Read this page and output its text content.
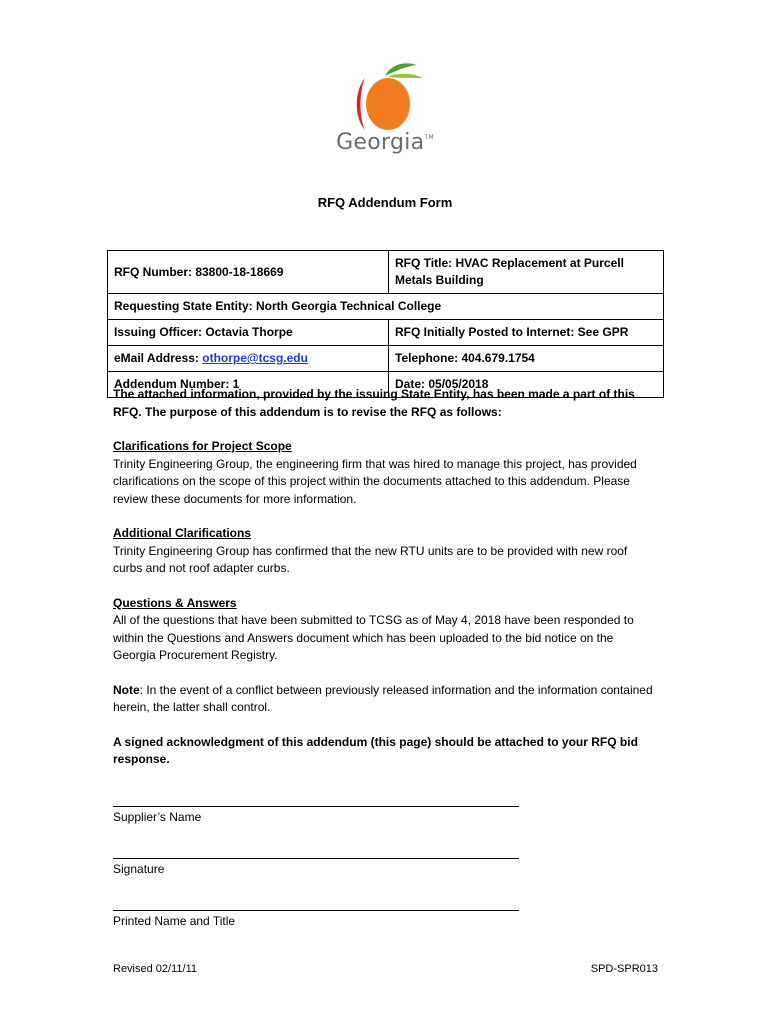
Georgia™
RFQ Addendum Form
RFQ Number: 83800-18-18669	RFQ Title: HVAC Replacement at Purcell Metals Building
Requesting State Entity: North Georgia Technical College	
Issuing Officer: Octavia Thorpe	RFQ Initially Posted to Internet: See GPR
eMail Address: othorpe@tcsg.edu	Telephone: 404.679.1754
Addendum Number: 1	Date: 05/05/2018

The attached information, provided by the issuing State Entity, has been made a part of this RFQ. The purpose of this addendum is to revise the RFQ as follows:

Clarifications for Project Scope

Trinity Engineering Group, the engineering firm that was hired to manage this project, has provided clarifications on the scope of this project within the documents attached to this addendum. Please review these documents for more information.

Additional Clarifications

Trinity Engineering Group has confirmed that the new RTU units are to be provided with new roof curbs and not roof adapter curbs.

Questions & Answers

All of the questions that have been submitted to TCSG as of May 4, 2018 have been responded to within the Questions and Answers document which has been uploaded to the bid notice on the Georgia Procurement Registry.

Note: In the event of a conflict between previously released information and the information contained herein, the latter shall control.

A signed acknowledgment of this addendum (this page) should be attached to your RFQ bid response.

Supplier’s Name
Signature
Printed Name and Title
Revised 02/11/11	SPD-SPR013
